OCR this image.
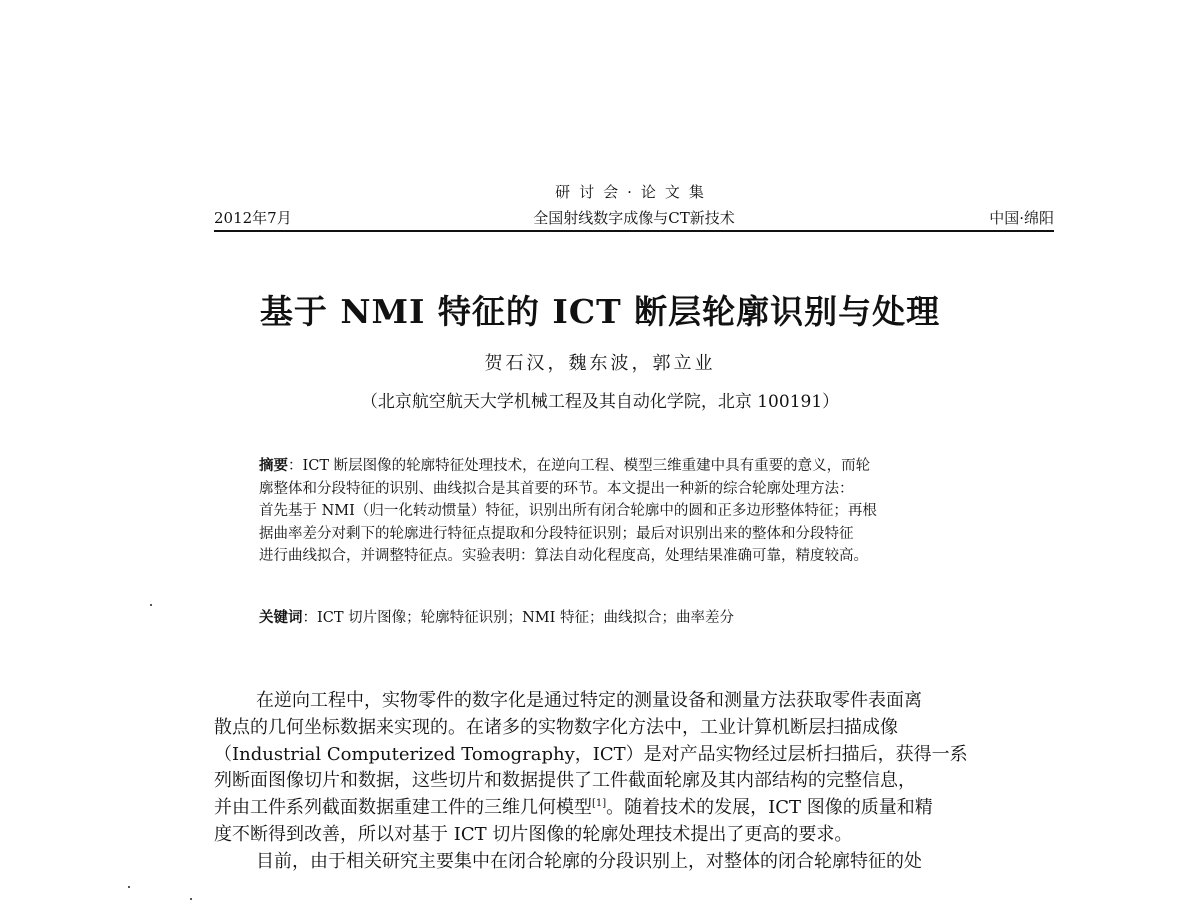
研讨会·论文集
2012年7月	全国射线数字成像与CT新技术	中国·绵阳
基于 NMI 特征的 ICT 断层轮廓识别与处理
贺石汉，魏东波，郭立业
（北京航空航天大学机械工程及其自动化学院，北京 100191）
摘要：ICT 断层图像的轮廓特征处理技术，在逆向工程、模型三维重建中具有重要的意义，而轮
廓整体和分段特征的识别、曲线拟合是其首要的环节。本文提出一种新的综合轮廓处理方法：
首先基于 NMI（归一化转动惯量）特征，识别出所有闭合轮廓中的圆和正多边形整体特征；再根
据曲率差分对剩下的轮廓进行特征点提取和分段特征识别；最后对识别出来的整体和分段特征
进行曲线拟合，并调整特征点。实验表明：算法自动化程度高，处理结果准确可靠，精度较高。
关键词：ICT 切片图像；轮廓特征识别；NMI 特征；曲线拟合；曲率差分
在逆向工程中，实物零件的数字化是通过特定的测量设备和测量方法获取零件表面离
散点的几何坐标数据来实现的。在诸多的实物数字化方法中，工业计算机断层扫描成像
（Industrial Computerized Tomography，ICT）是对产品实物经过层析扫描后，获得一系
列断面图像切片和数据，这些切片和数据提供了工件截面轮廓及其内部结构的完整信息，
并由工件系列截面数据重建工件的三维几何模型[1]。随着技术的发展，ICT 图像的质量和精
度不断得到改善，所以对基于 ICT 切片图像的轮廓处理技术提出了更高的要求。
目前，由于相关研究主要集中在闭合轮廓的分段识别上，对整体的闭合轮廓特征的处
